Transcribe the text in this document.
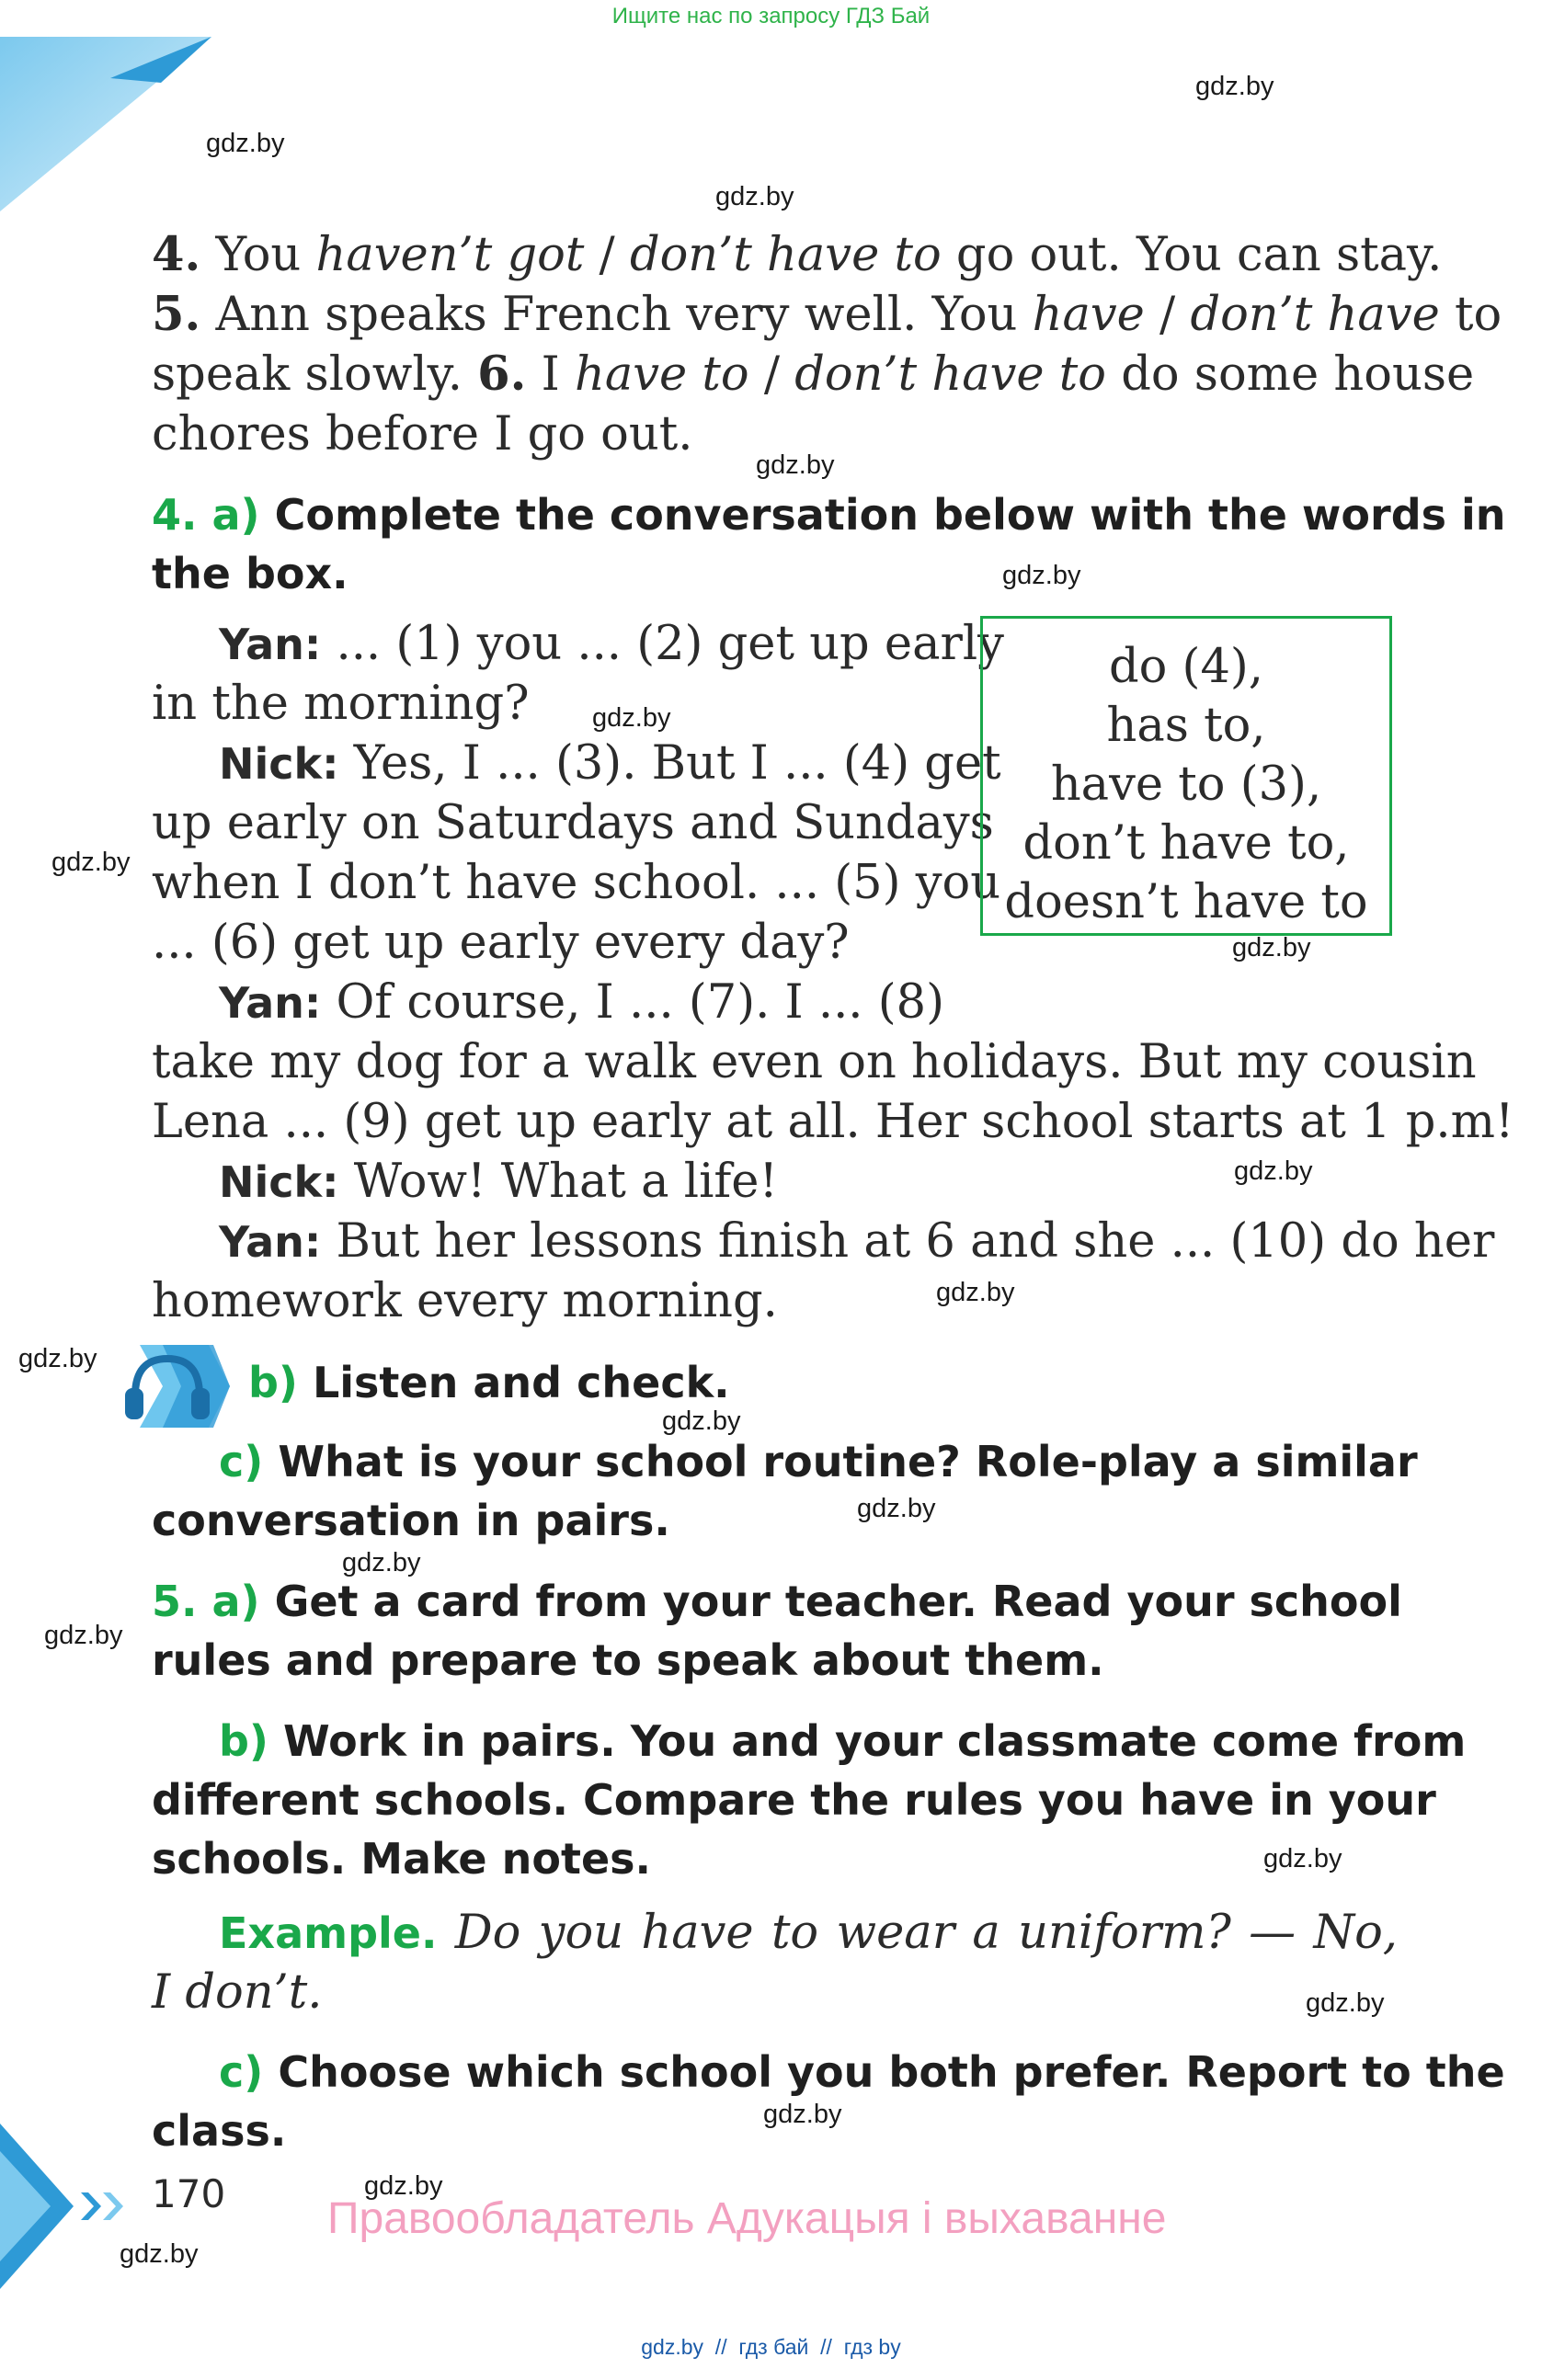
Ищите нас по запросу ГДЗ Бай
gdz.by
gdz.by
gdz.by
gdz.by
gdz.by
gdz.by
gdz.by
gdz.by
gdz.by
gdz.by
gdz.by
gdz.by
gdz.by
gdz.by
gdz.by
gdz.by
gdz.by
gdz.by
gdz.by
gdz.by
4. You haven’t got / don’t have to go out. You can stay.
5. Ann speaks French very well. You have / don’t have to
speak slowly. 6. I have to / don’t have to do some house
chores before I go out.
4. a) Complete the conversation below with the words in
the box.
Yan: ... (1) you ... (2) get up early
in the morning?
Nick: Yes, I ... (3). But I ... (4) get
up early on Saturdays and Sundays
when I don’t have school. ... (5) you
... (6) get up early every day?
Yan: Of course, I ... (7). I ... (8)
take my dog for a walk even on holidays. But my cousin
Lena ... (9) get up early at all. Her school starts at 1 p.m!
Nick: Wow! What a life!
Yan: But her lessons finish at 6 and she ... (10) do her
homework every morning.
do (4),
has to,
have to (3),
don’t have to,
doesn’t have to
b) Listen and check.
c) What is your school routine? Role-play a similar
conversation in pairs.
5. a) Get a card from your teacher. Read your school
rules and prepare to speak about them.
b) Work in pairs. You and your classmate come from
different schools. Compare the rules you have in your
schools. Make notes.
Example. Do you have to wear a uniform? — No,
I don’t.
c) Choose which school you both prefer. Report to the
class.
170
Правообладатель Адукацыя і выхаванне
gdz.by  //  гдз бай  //  гдз by
